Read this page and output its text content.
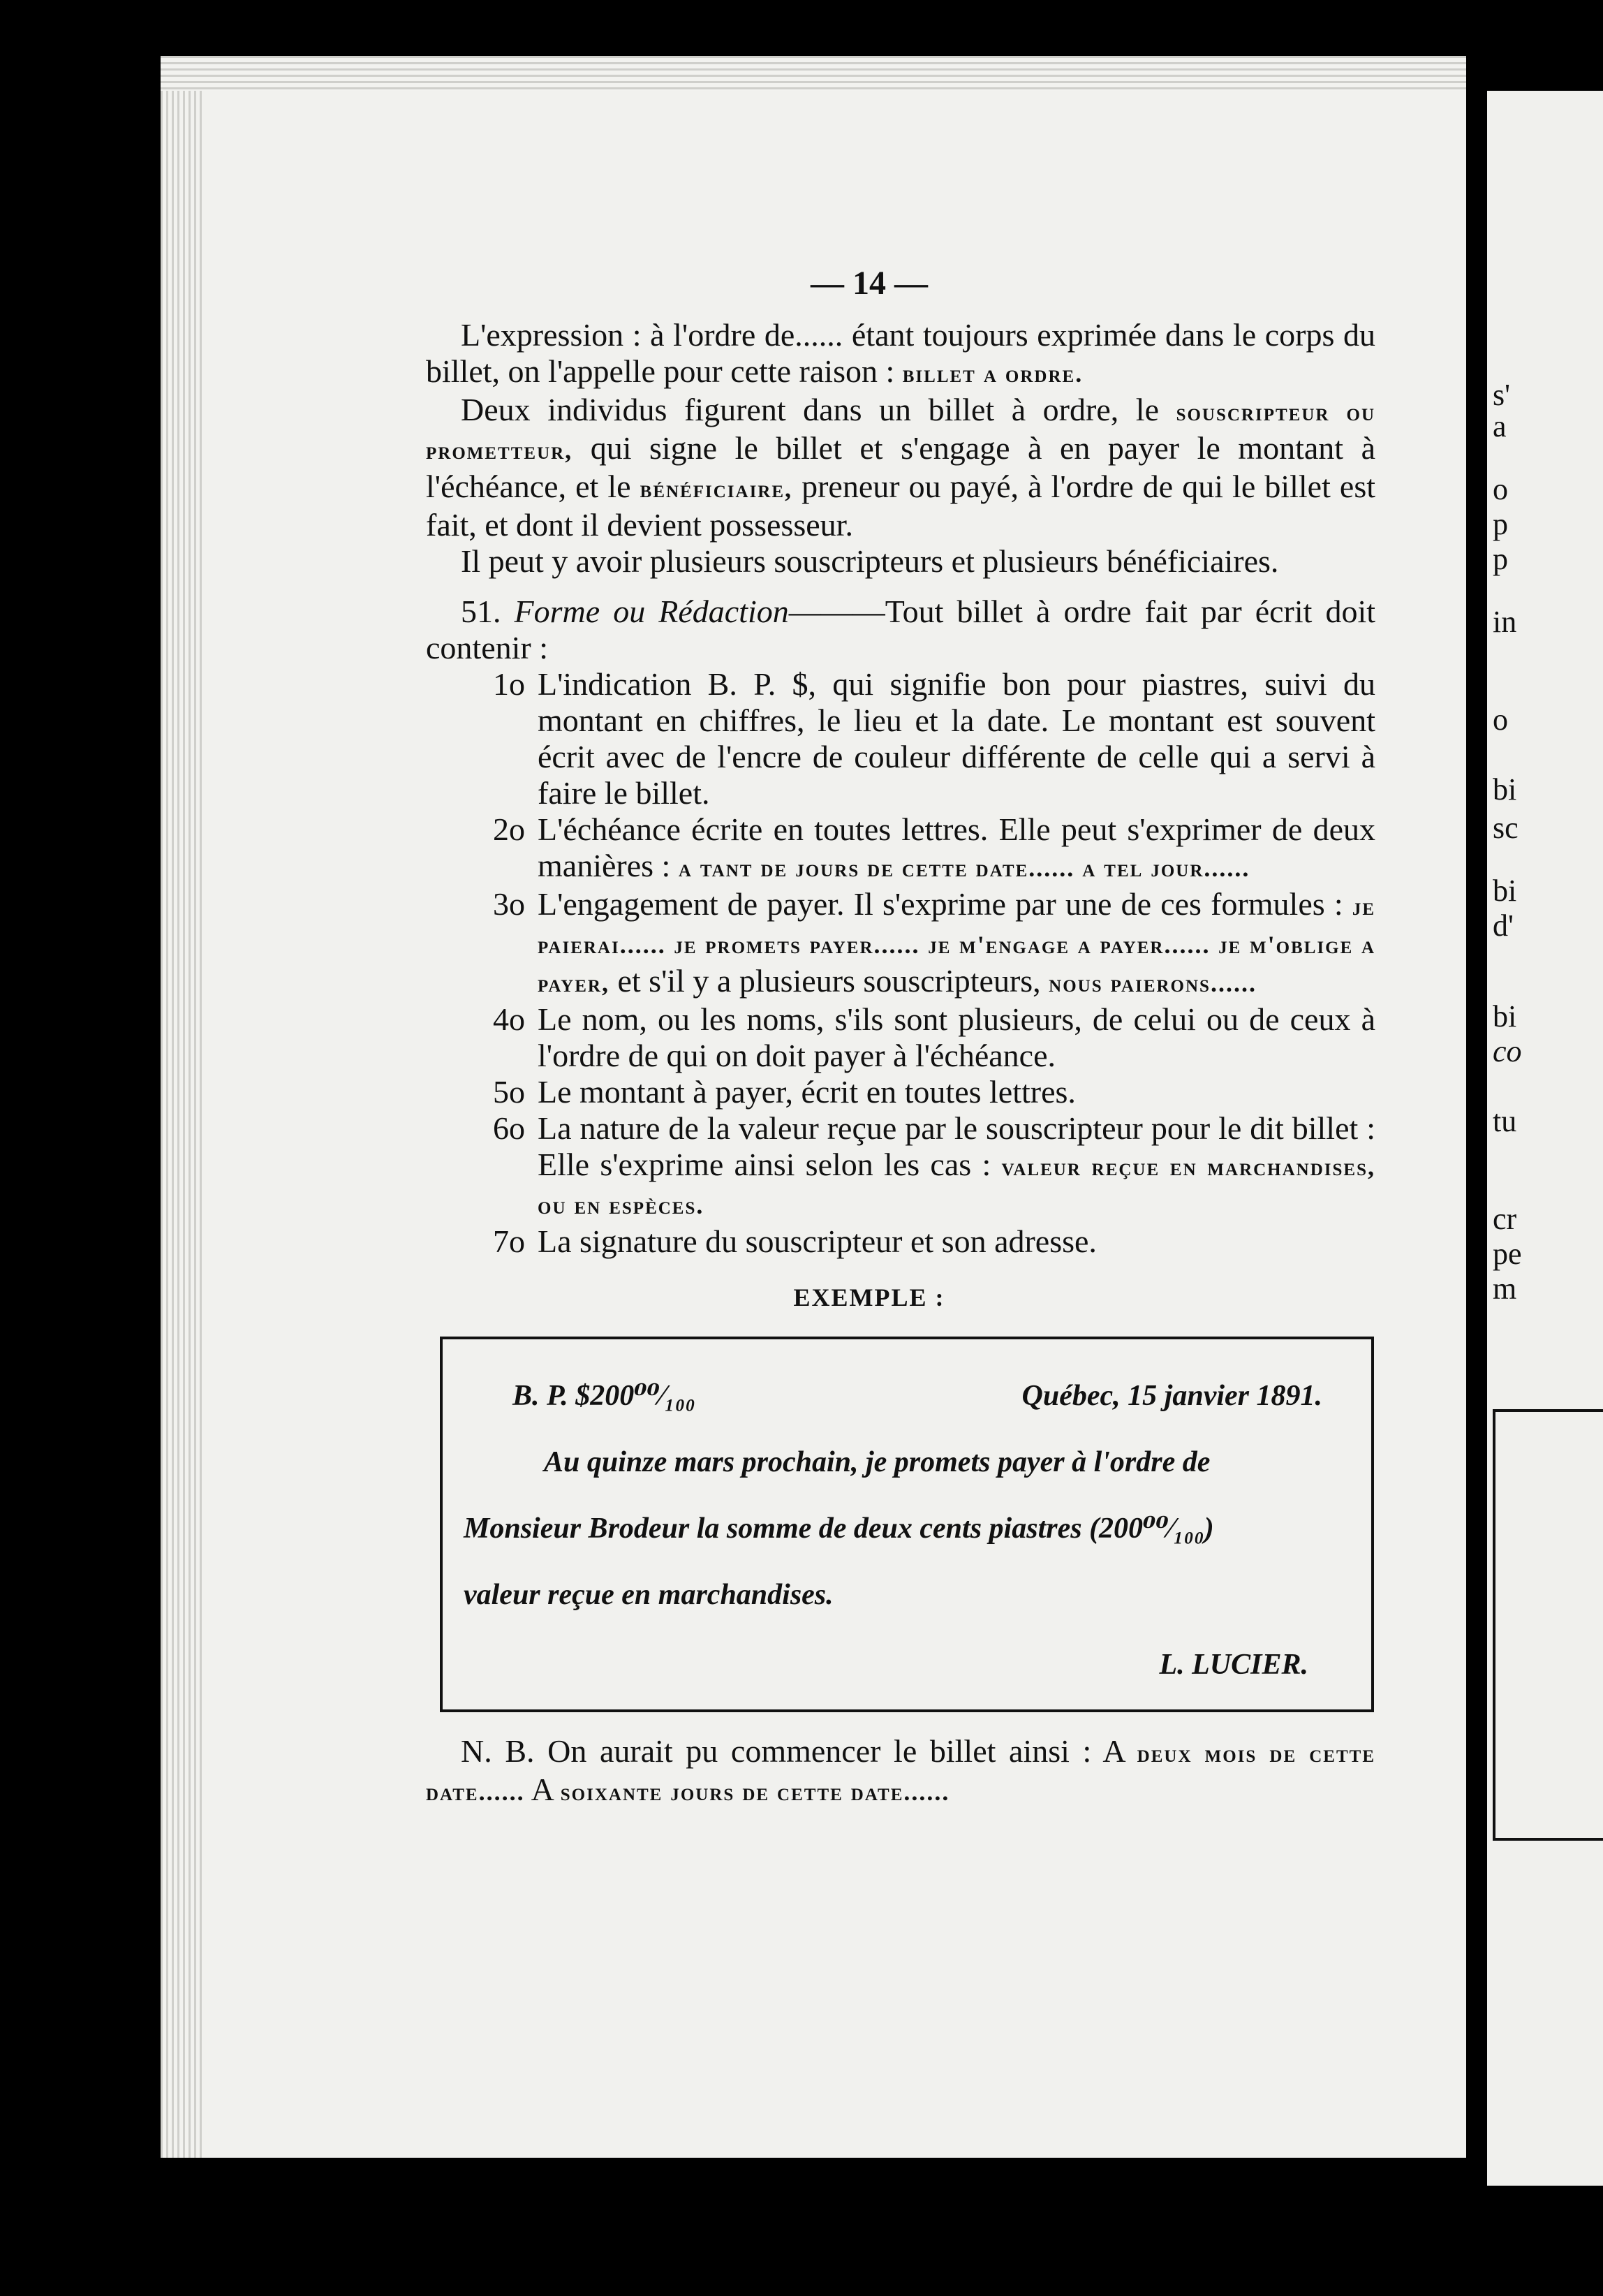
s'
a
o
p
p
in
o
bi
sc
bi
d'
bi
co
tu
cr
pe
m
— 14 —

L'expression : à l'ordre de...... étant toujours exprimée dans le corps du billet, on l'appelle pour cette raison : billet a ordre.

Deux individus figurent dans un billet à ordre, le souscripteur ou prometteur, qui signe le billet et s'engage à en payer le montant à l'échéance, et le bénéficiaire, preneur ou payé, à l'ordre de qui le billet est fait, et dont il devient possesseur.

Il peut y avoir plusieurs souscripteurs et plusieurs bénéficiaires.

51. Forme ou Rédaction———Tout billet à ordre fait par écrit doit contenir :

1o L'indication B. P. $, qui signifie bon pour piastres, suivi du montant en chiffres, le lieu et la date. Le montant est souvent écrit avec de l'encre de couleur différente de celle qui a servi à faire le billet.
2o L'échéance écrite en toutes lettres. Elle peut s'exprimer de deux manières : a tant de jours de cette date...... a tel jour......
3o L'engagement de payer. Il s'exprime par une de ces formules : je paierai...... je promets payer...... je m'engage a payer...... je m'oblige a payer, et s'il y a plusieurs souscripteurs, nous paierons......
4o Le nom, ou les noms, s'ils sont plusieurs, de celui ou de ceux à l'ordre de qui on doit payer à l'échéance.
5o Le montant à payer, écrit en toutes lettres.
6o La nature de la valeur reçue par le souscripteur pour le dit billet : Elle s'exprime ainsi selon les cas : valeur reçue en marchandises, ou en espèces.
7o La signature du souscripteur et son adresse.
EXEMPLE :
B. P. $200⁰⁰⁄₁₀₀	Québec, 15 janvier 1891.
Au quinze mars prochain, je promets payer à l'ordre de
Monsieur Brodeur la somme de deux cents piastres (200⁰⁰⁄₁₀₀)
valeur reçue en marchandises.
L. LUCIER.

N. B. On aurait pu commencer le billet ainsi : A deux mois de cette date...... A soixante jours de cette date......
